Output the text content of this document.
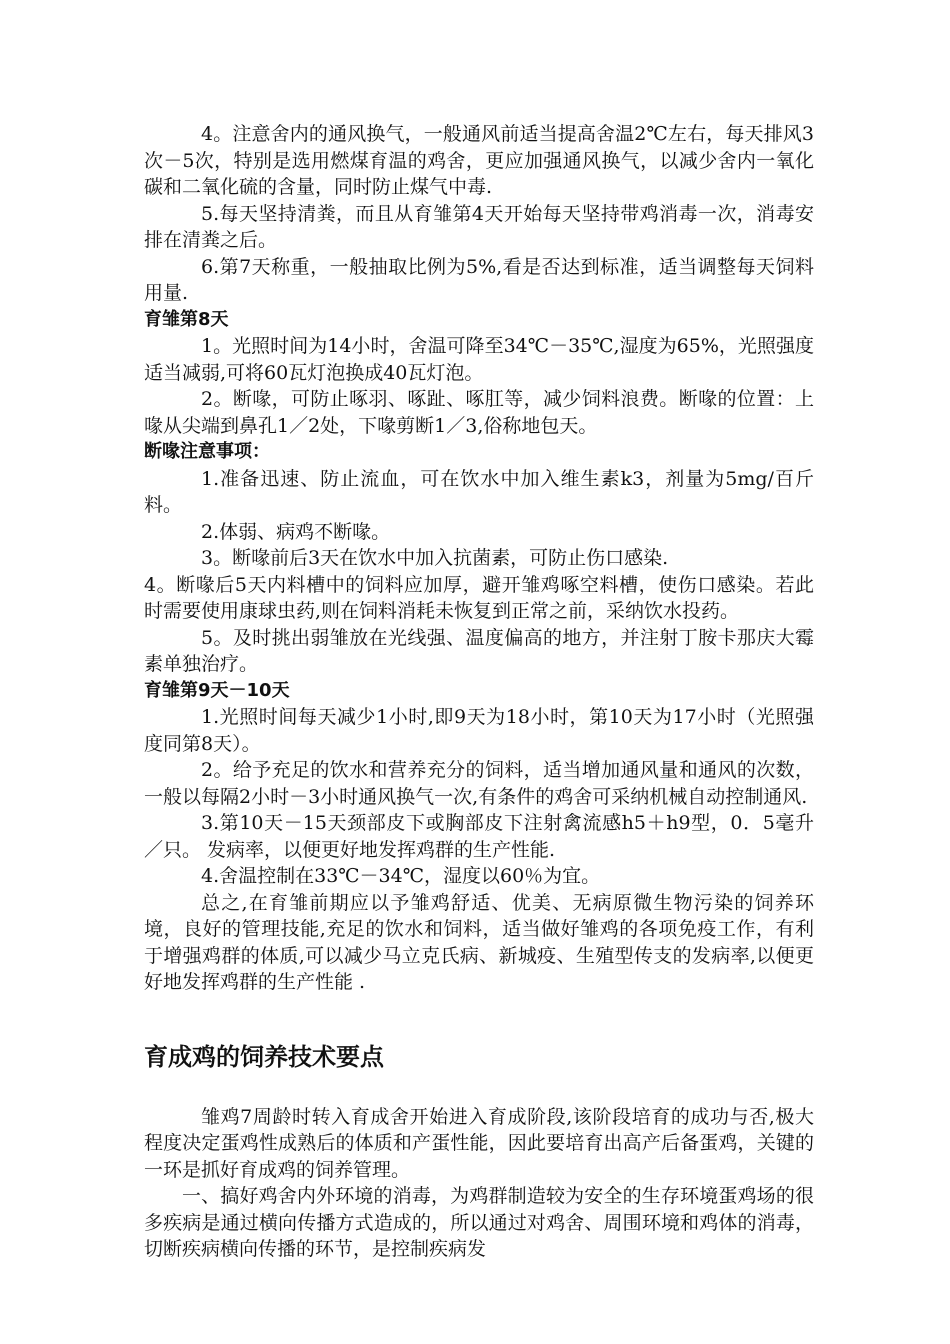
4。注意舍内的通风换气，一般通风前适当提高舍温2℃左右，每天排风3次－5次，特别是选用燃煤育温的鸡舍，更应加强通风换气，以减少舍内一氧化碳和二氧化硫的含量，同时防止煤气中毒.

5.每天坚持清粪，而且从育雏第4天开始每天坚持带鸡消毒一次，消毒安排在清粪之后。

6.第7天称重，一般抽取比例为5%,看是否达到标准，适当调整每天饲料用量.

育雏第8天

1。光照时间为14小时，舍温可降至34℃－35℃,湿度为65%，光照强度适当减弱,可将60瓦灯泡换成40瓦灯泡。

2。断喙，可防止啄羽、啄趾、啄肛等，减少饲料浪费。断喙的位置：上喙从尖端到鼻孔1／2处，下喙剪断1／3,俗称地包天。

断喙注意事项：

1.准备迅速、防止流血，可在饮水中加入维生素k3，剂量为5mg/百斤料。

2.体弱、病鸡不断喙。

3。断喙前后3天在饮水中加入抗菌素，可防止伤口感染.

4。断喙后5天内料槽中的饲料应加厚，避开雏鸡啄空料槽，使伤口感染。若此时需要使用康球虫药,则在饲料消耗未恢复到正常之前，采纳饮水投药。

5。及时挑出弱雏放在光线强、温度偏高的地方，并注射丁胺卡那庆大霉素单独治疗。

育雏第9天－10天

1.光照时间每天减少1小时,即9天为18小时，第10天为17小时（光照强度同第8天）。

2。给予充足的饮水和营养充分的饲料，适当增加通风量和通风的次数，一般以每隔2小时－3小时通风换气一次,有条件的鸡舍可采纳机械自动控制通风.

3.第10天－15天颈部皮下或胸部皮下注射禽流感h5＋h9型，0．5毫升／只。 发病率，以便更好地发挥鸡群的生产性能.

4.舍温控制在33℃－34℃，湿度以60％为宜。

总之,在育雏前期应以予雏鸡舒适、优美、无病原微生物污染的饲养环境，良好的管理技能,充足的饮水和饲料，适当做好雏鸡的各项免疫工作，有利于增强鸡群的体质,可以减少马立克氏病、新城疫、生殖型传支的发病率,以便更好地发挥鸡群的生产性能 .

育成鸡的饲养技术要点

雏鸡7周龄时转入育成舍开始进入育成阶段,该阶段培育的成功与否,极大程度决定蛋鸡性成熟后的体质和产蛋性能，因此要培育出高产后备蛋鸡，关键的一环是抓好育成鸡的饲养管理。

一、搞好鸡舍内外环境的消毒，为鸡群制造较为安全的生存环境蛋鸡场的很多疾病是通过横向传播方式造成的，所以通过对鸡舍、周围环境和鸡体的消毒，切断疾病横向传播的环节，是控制疾病发
